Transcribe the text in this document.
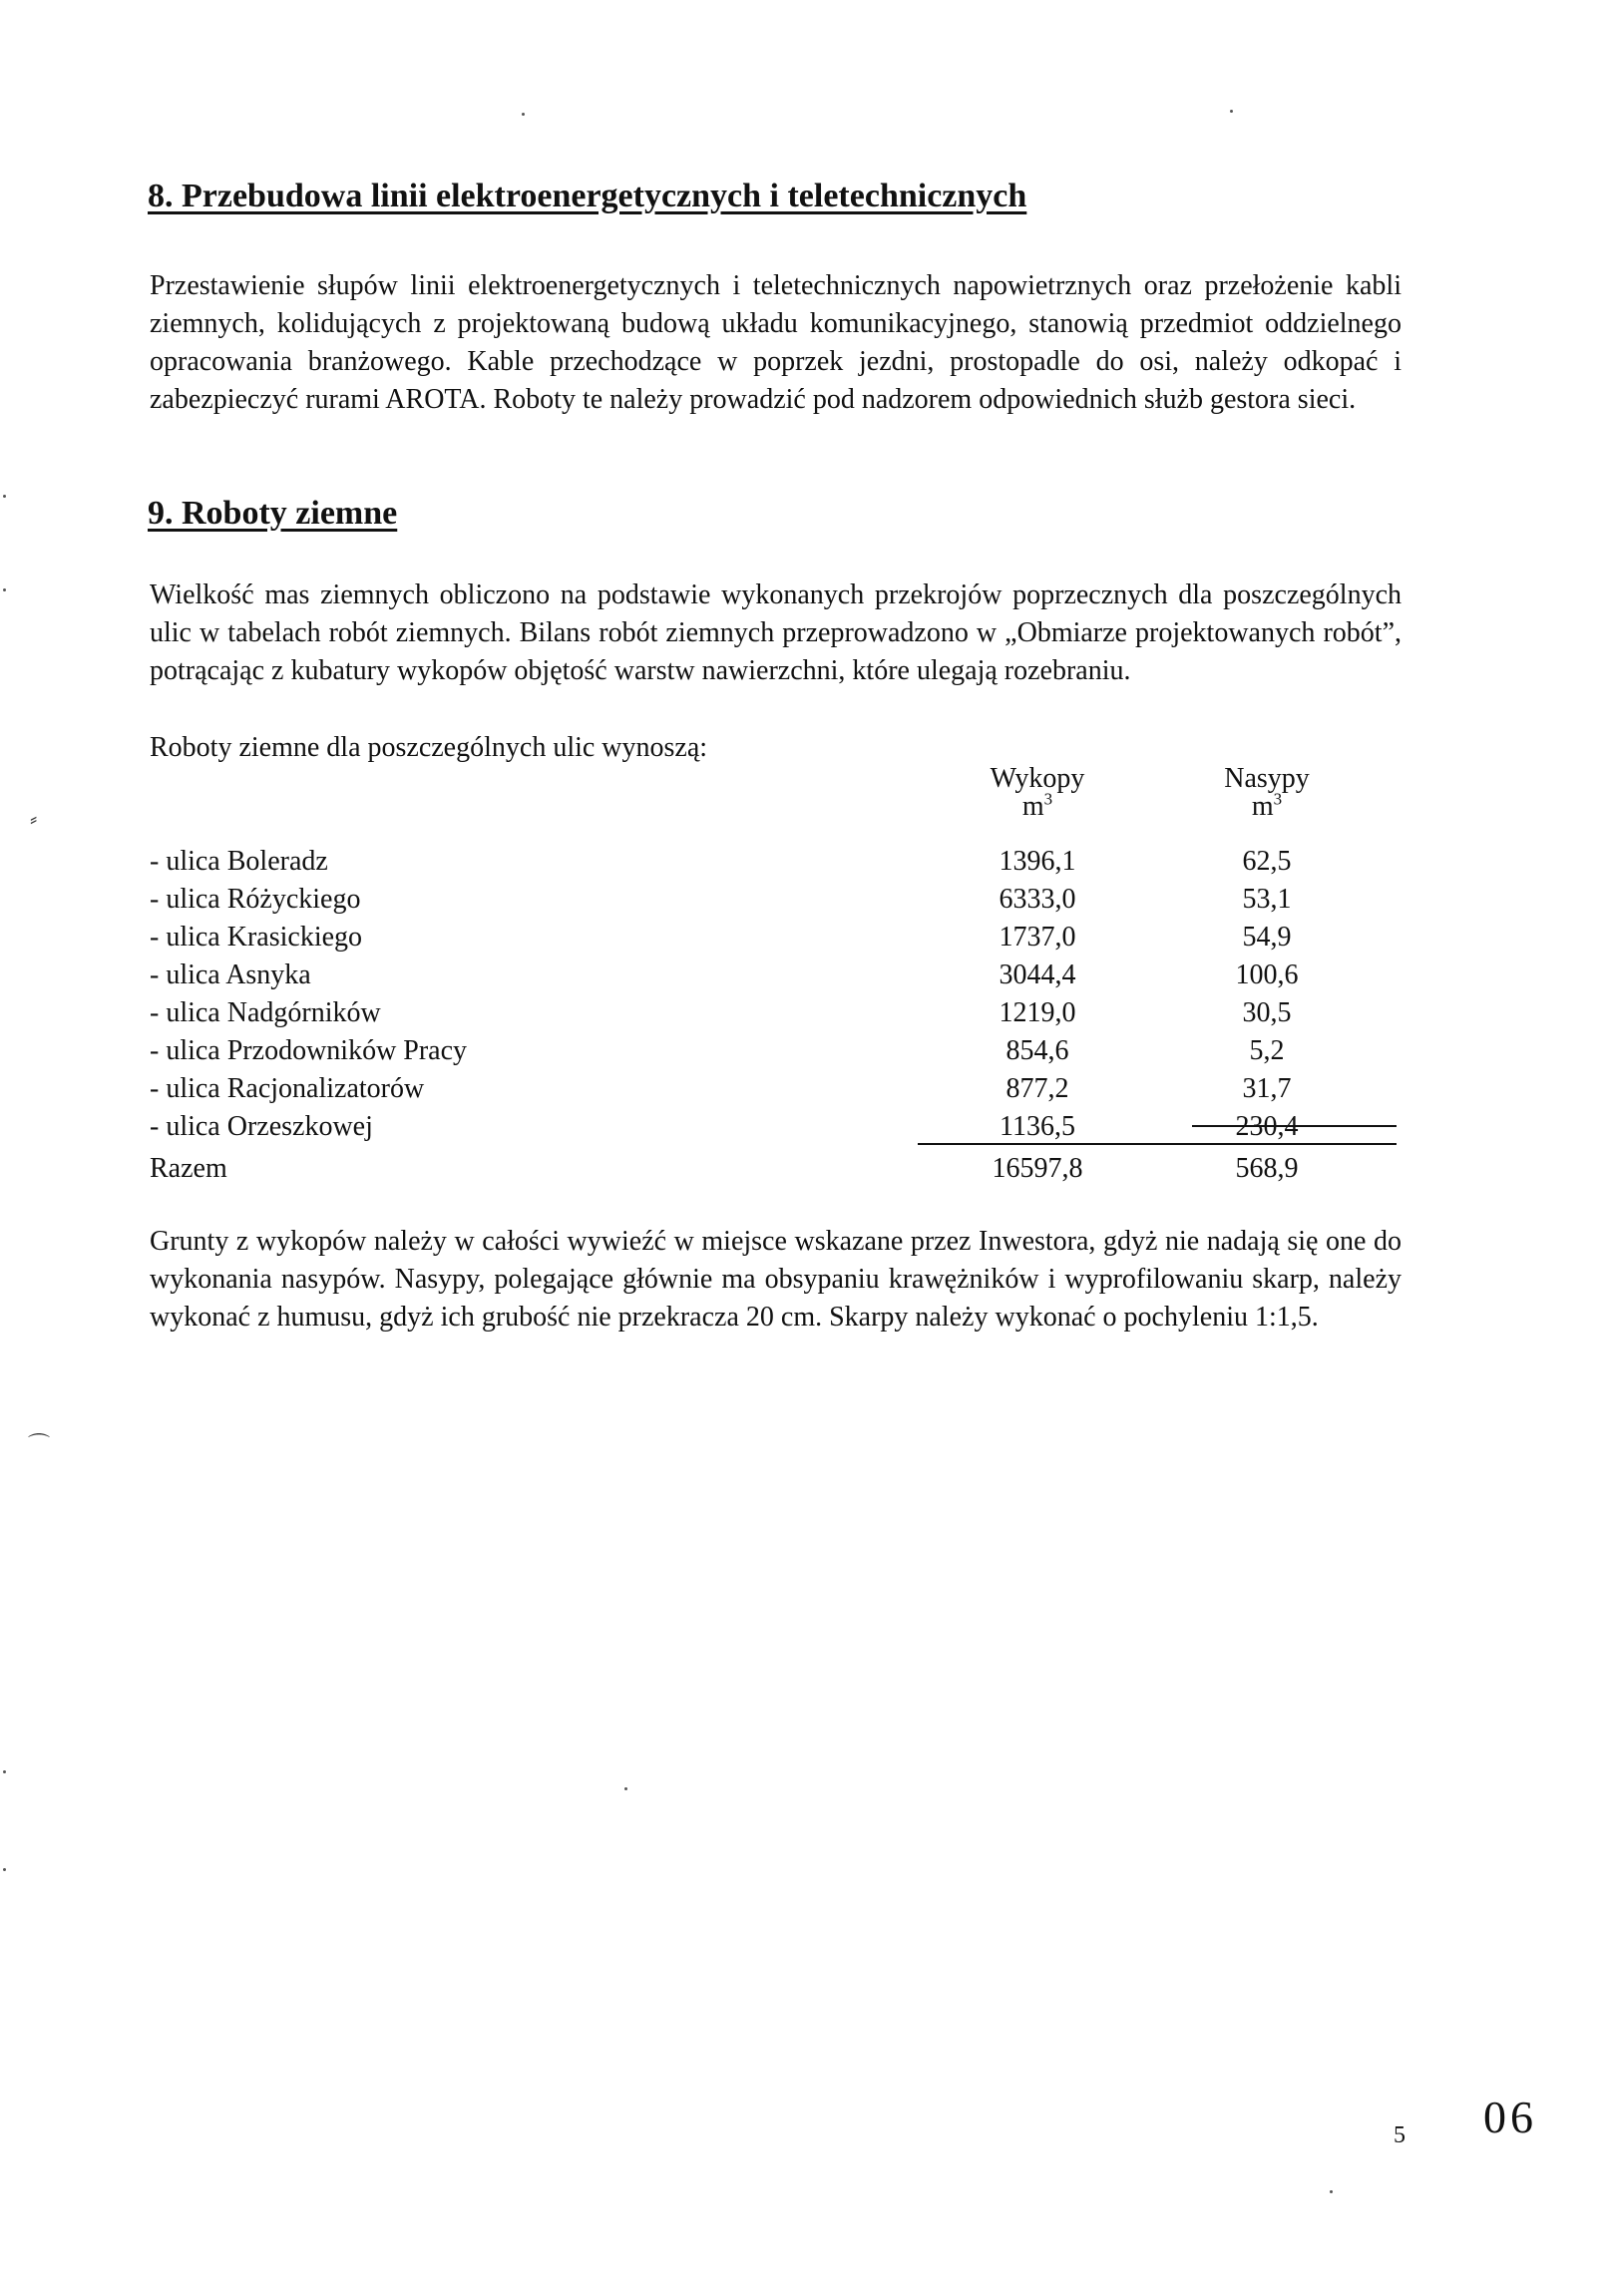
8. Przebudowa linii elektroenergetycznych i teletechnicznych

Przestawienie słupów linii elektroenergetycznych i teletechnicznych napowietrznych oraz przełożenie kabli ziemnych, kolidujących z projektowaną budową układu komunikacyjnego, stanowią przedmiot oddzielnego opracowania branżowego. Kable przechodzące w poprzek jezdni, prostopadle do osi, należy odkopać i zabezpieczyć rurami AROTA. Roboty te należy prowadzić pod nadzorem odpowiednich służb gestora sieci.

9. Roboty ziemne

Wielkość mas ziemnych obliczono na podstawie wykonanych przekrojów poprzecznych dla poszczególnych ulic w tabelach robót ziemnych. Bilans robót ziemnych przeprowadzono w „Obmiarze projektowanych robót”, potrącając z kubatury wykopów objętość warstw nawierzchni, które ulegają rozebraniu.

Roboty ziemne dla poszczególnych ulic wynoszą:

Wykopy
$m^3$
Nasypy
$m^3$
- ulica Boleradz	1396,1	62,5
- ulica Różyckiego	6333,0	53,1
- ulica Krasickiego	1737,0	54,9
- ulica Asnyka	3044,4	100,6
- ulica Nadgórników	1219,0	30,5
- ulica Przodowników Pracy	854,6	5,2
- ulica Racjonalizatorów	877,2	31,7
- ulica Orzeszkowej	1136,5	230,4
Razem	16597,8	568,9

Grunty z wykopów należy w całości wywieźć w miejsce wskazane przez Inwestora, gdyż nie nadają się one do wykonania nasypów. Nasypy, polegające głównie ma obsypaniu krawężników i wyprofilowaniu skarp, należy wykonać z humusu, gdyż ich grubość nie przekracza 20 cm. Skarpy należy wykonać o pochyleniu 1:1,5.

5 06
⸗
⌒
